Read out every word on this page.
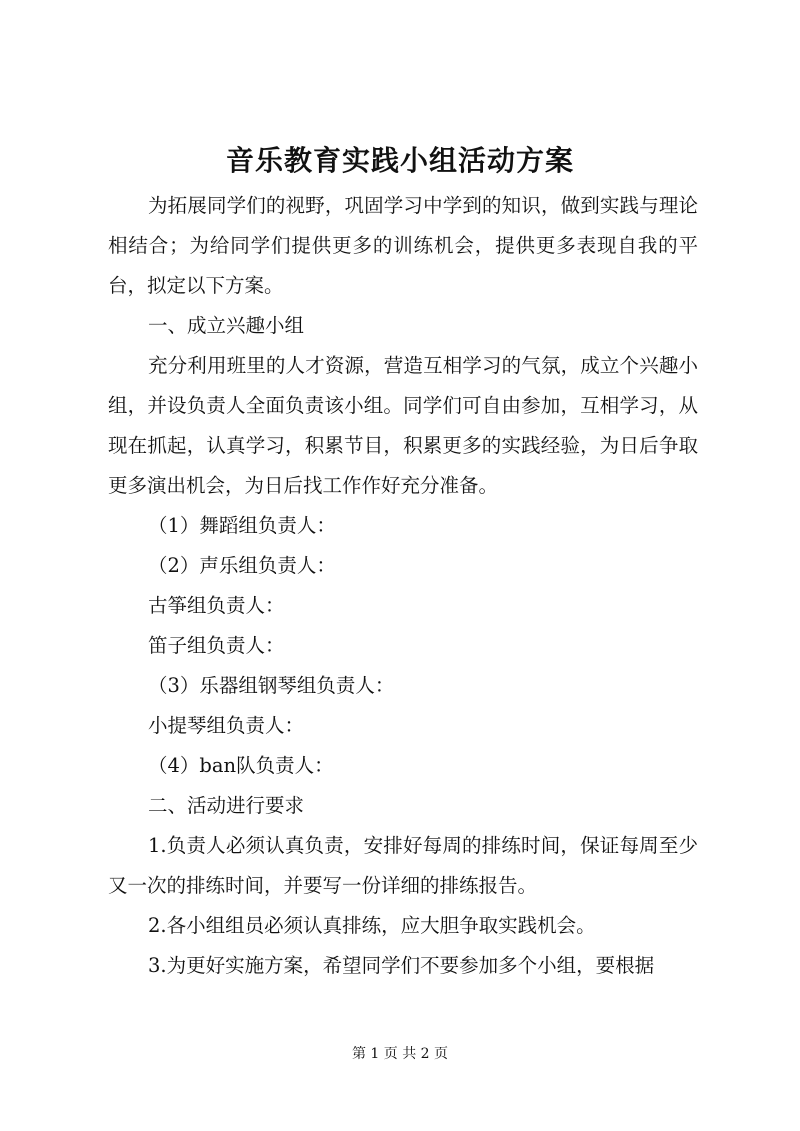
音乐教育实践小组活动方案

为拓展同学们的视野，巩固学习中学到的知识，做到实践与理论相结合；为给同学们提供更多的训练机会，提供更多表现自我的平台，拟定以下方案。

一、成立兴趣小组

充分利用班里的人才资源，营造互相学习的气氛，成立个兴趣小组，并设负责人全面负责该小组。同学们可自由参加，互相学习，从现在抓起，认真学习，积累节目，积累更多的实践经验，为日后争取更多演出机会，为日后找工作作好充分准备。

（1）舞蹈组负责人：

（2）声乐组负责人：

古筝组负责人：

笛子组负责人：

（3）乐器组钢琴组负责人：

小提琴组负责人：

（4）ban队负责人：

二、活动进行要求

1.负责人必须认真负责，安排好每周的排练时间，保证每周至少又一次的排练时间，并要写一份详细的排练报告。

2.各小组组员必须认真排练，应大胆争取实践机会。

3.为更好实施方案，希望同学们不要参加多个小组，要根据

第 1 页 共 2 页
